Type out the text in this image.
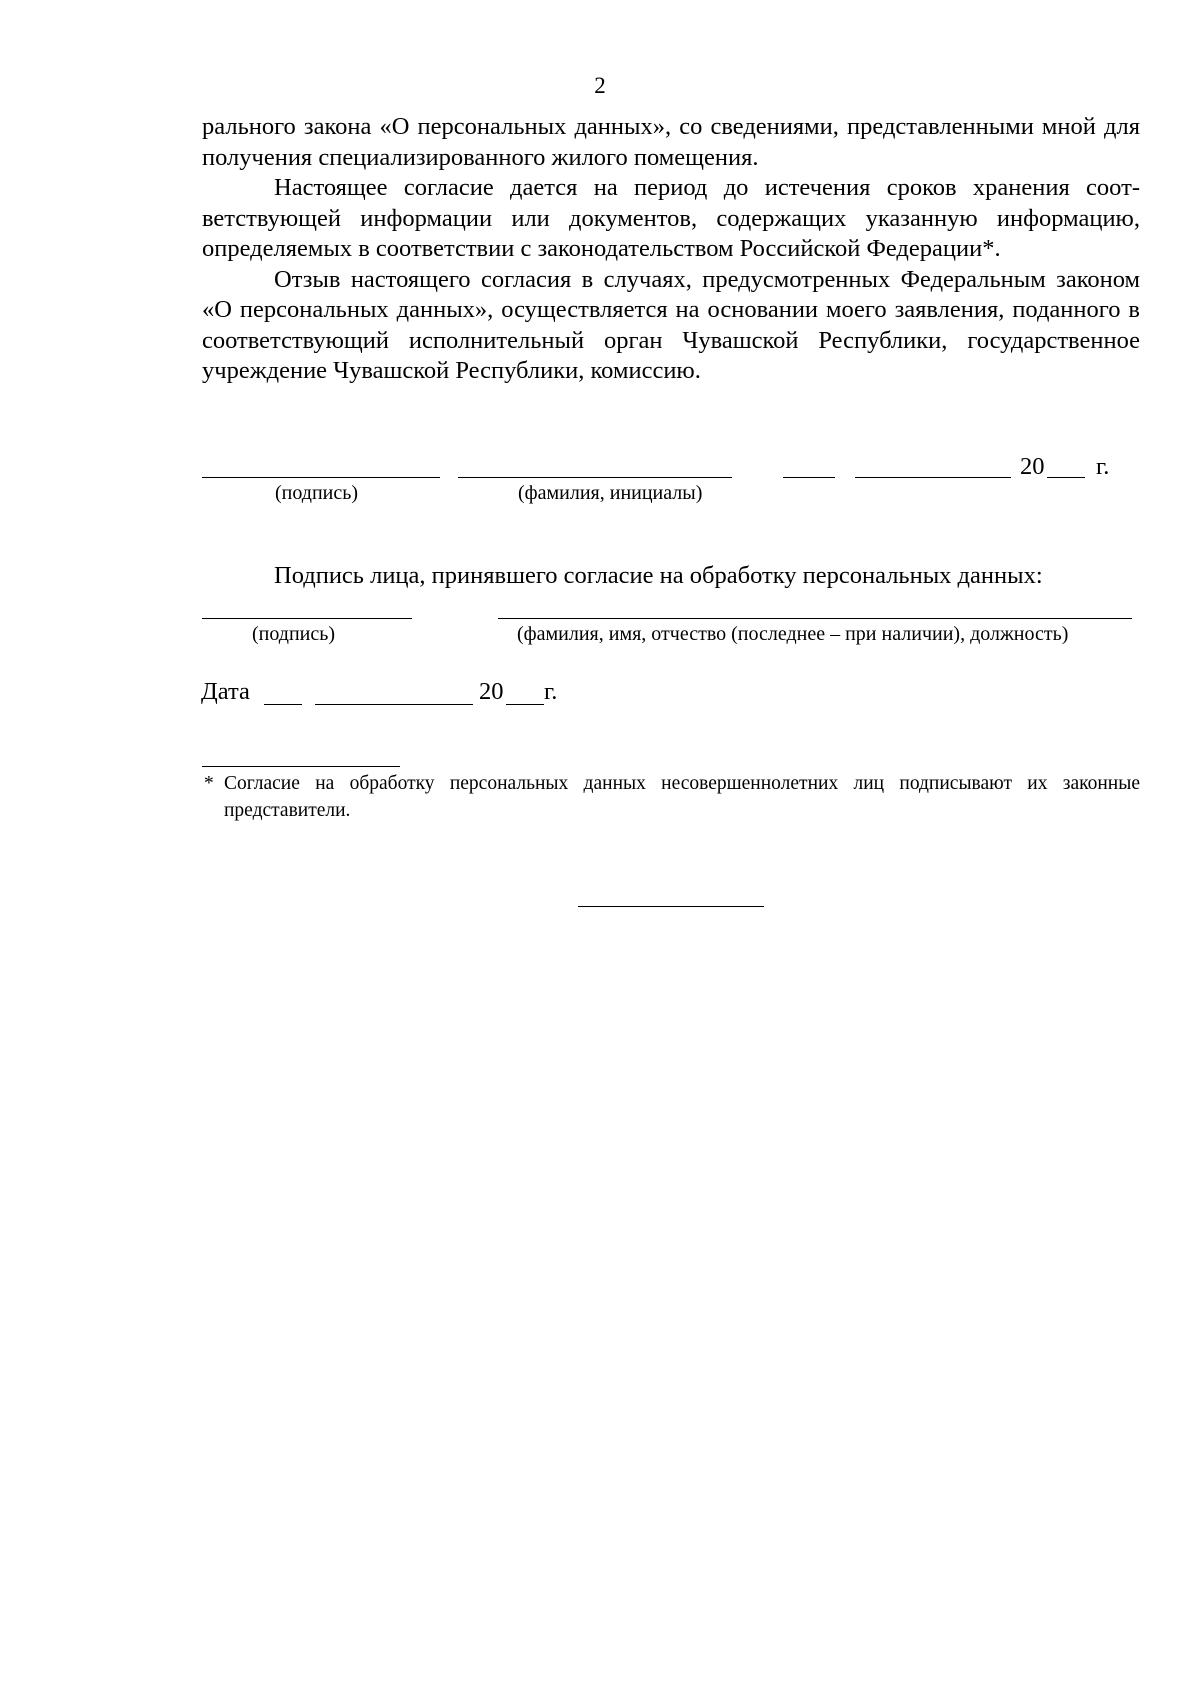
2

рального закона «О персональных данных», со сведениями, представленными мной для получения специализированного жилого помещения.

Настоящее согласие дается на период до истечения сроков хранения соответствующей информации или документов, содержащих указанную информацию, определяемых в соответствии с законодательством Российской Федерации*.

Отзыв настоящего согласия в случаях, предусмотренных Федеральным законом «О персональных данных», осуществляется на основании моего заявления, поданного в соответствующий исполнительный орган Чувашской Республики, государственное учреждение Чувашской Республики, комиссию.

20 г.
(подпись)	(фамилия, инициалы)
Подпись лица, принявшего согласие на обработку персональных данных:
(подпись)	(фамилия, имя, отчество (последнее – при наличии), должность)
Дата	20 г.
* Согласие на обработку персональных данных несовершеннолетних лиц подписывают их законные представители.
